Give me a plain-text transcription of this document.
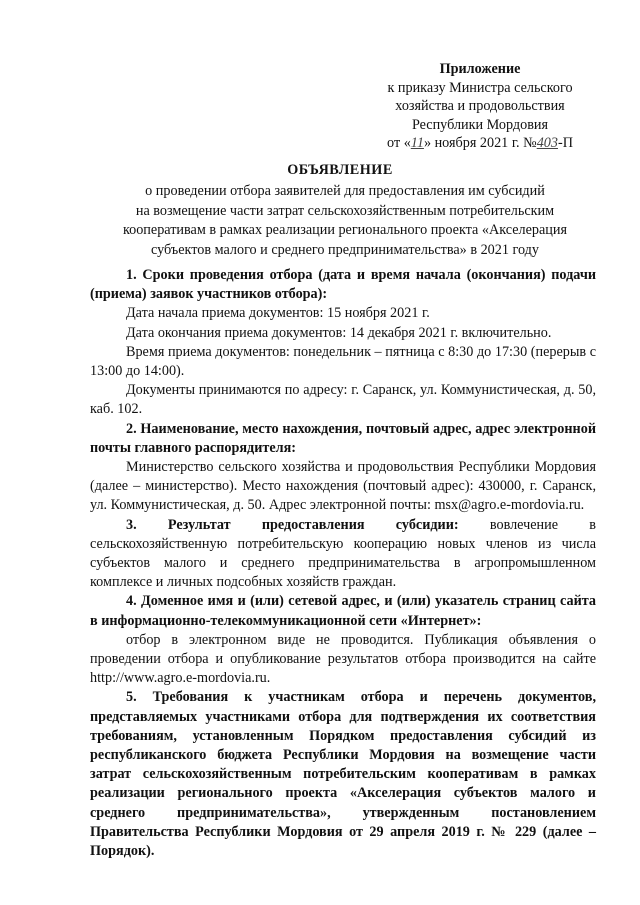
Приложение
к приказу Министра сельского
хозяйства и продовольствия
Республики Мордовия
от «11» ноября 2021 г. №403-П
ОБЪЯВЛЕНИЕ
о проведении отбора заявителей для предоставления им субсидий
на возмещение части затрат сельскохозяйственным потребительским
кооперативам в рамках реализации регионального проекта «Акселерация
субъектов малого и среднего предпринимательства» в 2021 году

1. Сроки проведения отбора (дата и время начала (окончания) подачи (приема) заявок участников отбора):

Дата начала приема документов: 15 ноября 2021 г.

Дата окончания приема документов: 14 декабря 2021 г. включительно.

Время приема документов: понедельник – пятница с 8:30 до 17:30 (перерыв с 13:00 до 14:00).

Документы принимаются по адресу: г. Саранск, ул. Коммунистическая, д. 50, каб. 102.

2. Наименование, место нахождения, почтовый адрес, адрес электронной почты главного распорядителя:

Министерство сельского хозяйства и продовольствия Республики Мордовия (далее – министерство). Место нахождения (почтовый адрес): 430000, г. Саранск, ул. Коммунистическая, д. 50. Адрес электронной почты: msx@agro.e-mordovia.ru.

3. Результат предоставления субсидии: вовлечение в сельскохозяйственную потребительскую кооперацию новых членов из числа субъектов малого и среднего предпринимательства в агропромышленном комплексе и личных подсобных хозяйств граждан.

4. Доменное имя и (или) сетевой адрес, и (или) указатель страниц сайта в информационно-телекоммуникационной сети «Интернет»:

отбор в электронном виде не проводится. Публикация объявления о проведении отбора и опубликование результатов отбора производится на сайте http://www.agro.e-mordovia.ru.

5. Требования к участникам отбора и перечень документов, представляемых участниками отбора для подтверждения их соответствия требованиям, установленным Порядком предоставления субсидий из республиканского бюджета Республики Мордовия на возмещение части затрат сельскохозяйственным потребительским кооперативам в рамках реализации регионального проекта «Акселерация субъектов малого и среднего предпринимательства», утвержденным постановлением Правительства Республики Мордовия от 29 апреля 2019 г. № 229 (далее – Порядок).
